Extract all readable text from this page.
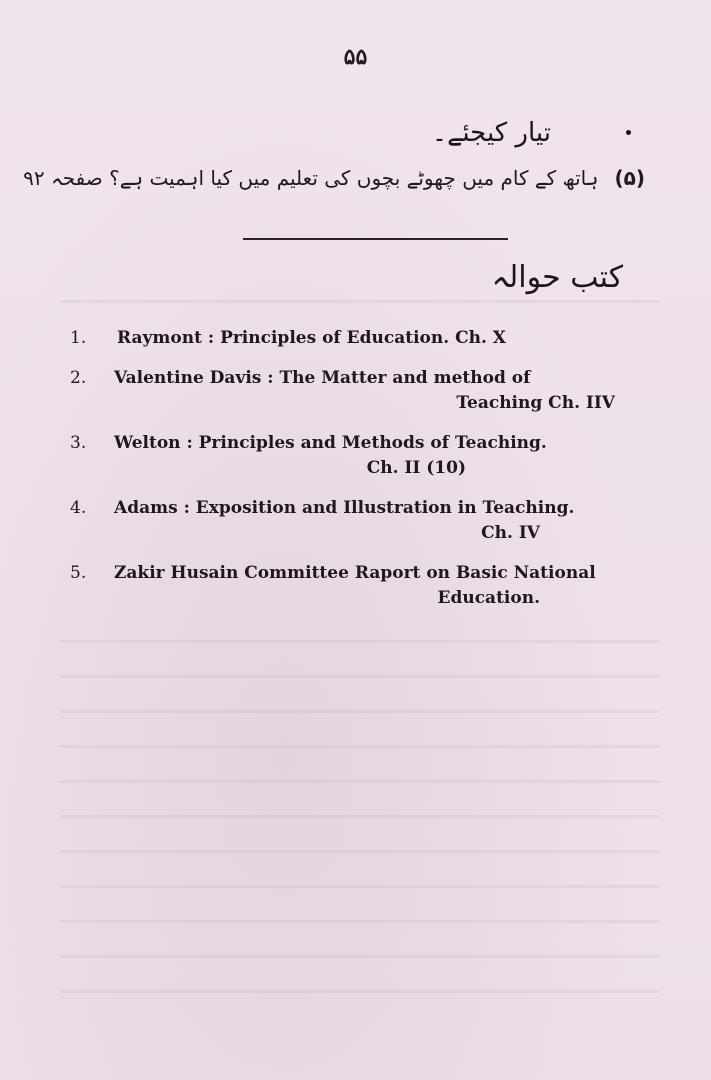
۵۵
تیار کیجئے۔
(۵)
ہاتھ کے کام میں چھوٹے بچوں کی تعلیم میں کیا اہمیت ہے؟ صفحہ ۹۲
کتب حوالہ
1.	Raymont : Principles of Education. Ch. X
2.	Valentine Davis : The Matter and method of
Teaching Ch. IIV
3.	Welton : Principles and Methods of Teaching.
Ch. II (10)
4.	Adams : Exposition and Illustration in Teaching.
Ch. IV
5.	Zakir Husain Committee Raport on Basic National
Education.
